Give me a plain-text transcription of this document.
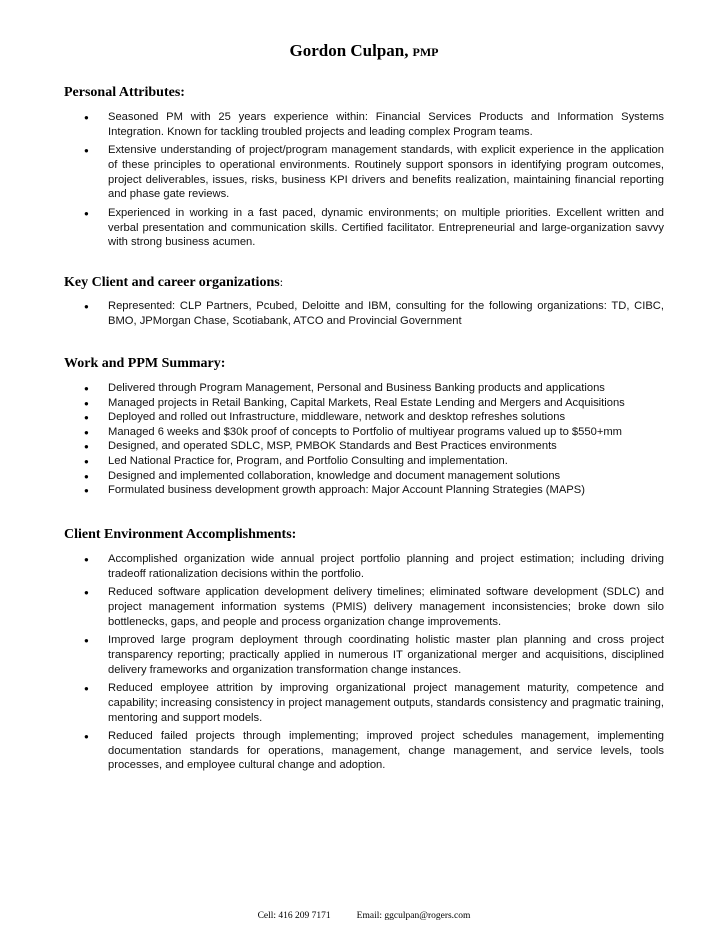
Gordon Culpan, PMP
Personal Attributes:
● Seasoned PM with 25 years experience within: Financial Services Products and Information Systems Integration. Known for tackling troubled projects and leading complex Program teams.
● Extensive understanding of project/program management standards, with explicit experience in the application of these principles to operational environments. Routinely support sponsors in identifying program outcomes, project deliverables, issues, risks, business KPI drivers and benefits realization, maintaining financial reporting and phase gate reviews.
● Experienced in working in a fast paced, dynamic environments; on multiple priorities. Excellent written and verbal presentation and communication skills. Certified facilitator. Entrepreneurial and large-organization savvy with strong business acumen.
Key Client and career organizations:
● Represented: CLP Partners, Pcubed, Deloitte and IBM, consulting for the following organizations: TD, CIBC, BMO, JPMorgan Chase, Scotiabank, ATCO and Provincial Government
Work and PPM Summary:
● Delivered through Program Management, Personal and Business Banking products and applications
● Managed projects in Retail Banking, Capital Markets, Real Estate Lending and Mergers and Acquisitions
● Deployed and rolled out Infrastructure, middleware, network and desktop refreshes solutions
● Managed 6 weeks and $30k proof of concepts to Portfolio of multiyear programs valued up to $550+mm
● Designed, and operated SDLC, MSP, PMBOK Standards and Best Practices environments
● Led National Practice for, Program, and Portfolio Consulting and implementation.
● Designed and implemented collaboration, knowledge and document management solutions
● Formulated business development growth approach: Major Account Planning Strategies (MAPS)
Client Environment Accomplishments:
● Accomplished organization wide annual project portfolio planning and project estimation; including driving tradeoff rationalization decisions within the portfolio.
● Reduced software application development delivery timelines; eliminated software development (SDLC) and project management information systems (PMIS) delivery management inconsistencies; broke down silo bottlenecks, gaps, and people and process organization change improvements.
● Improved large program deployment through coordinating holistic master plan planning and cross project transparency reporting; practically applied in numerous IT organizational merger and acquisitions, disciplined delivery frameworks and organization transformation change instances.
● Reduced employee attrition by improving organizational project management maturity, competence and capability; increasing consistency in project management outputs, standards consistency and pragmatic training, mentoring and support models.
● Reduced failed projects through implementing; improved project schedules management, implementing documentation standards for operations, management, change management, and service levels, tools processes, and employee cultural change and adoption.
Cell: 416 209 7171	Email: ggculpan@rogers.com
